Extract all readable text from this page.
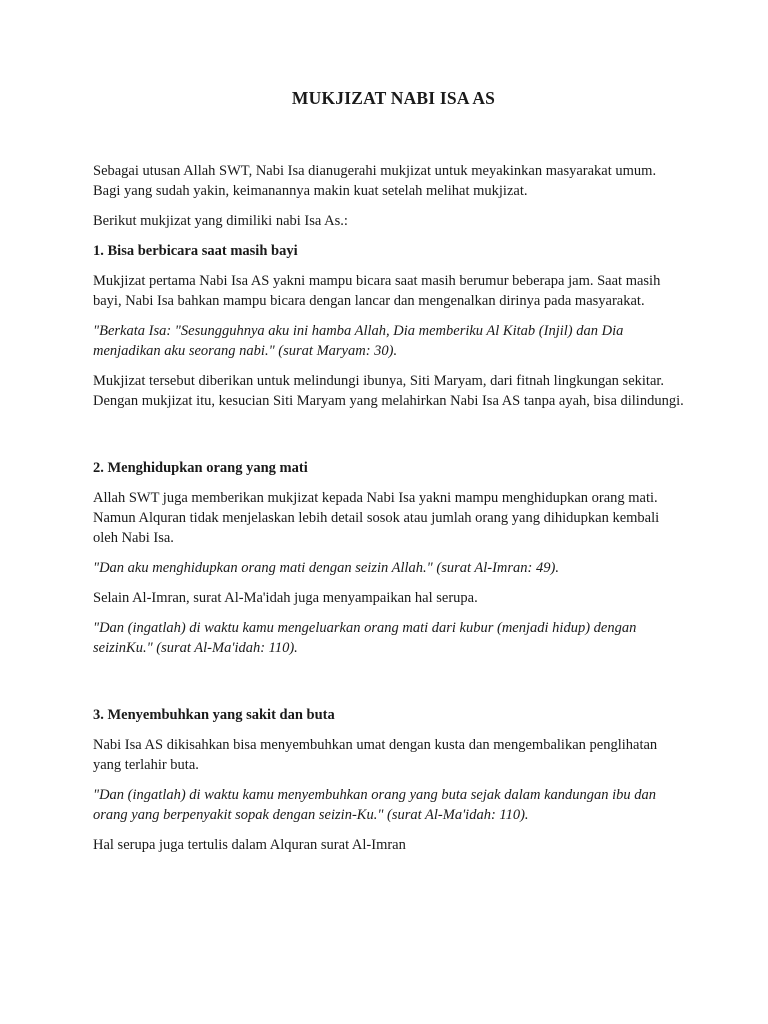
MUKJIZAT NABI ISA AS

Sebagai utusan Allah SWT, Nabi Isa dianugerahi mukjizat untuk meyakinkan masyarakat umum. Bagi yang sudah yakin, keimanannya makin kuat setelah melihat mukjizat.

Berikut mukjizat yang dimiliki nabi Isa As.:

1. Bisa berbicara saat masih bayi

Mukjizat pertama Nabi Isa AS yakni mampu bicara saat masih berumur beberapa jam. Saat masih bayi, Nabi Isa bahkan mampu bicara dengan lancar dan mengenalkan dirinya pada masyarakat.

"Berkata Isa: "Sesungguhnya aku ini hamba Allah, Dia memberiku Al Kitab (Injil) dan Dia menjadikan aku seorang nabi." (surat Maryam: 30).

Mukjizat tersebut diberikan untuk melindungi ibunya, Siti Maryam, dari fitnah lingkungan sekitar. Dengan mukjizat itu, kesucian Siti Maryam yang melahirkan Nabi Isa AS tanpa ayah, bisa dilindungi.

2. Menghidupkan orang yang mati

Allah SWT juga memberikan mukjizat kepada Nabi Isa yakni mampu menghidupkan orang mati. Namun Alquran tidak menjelaskan lebih detail sosok atau jumlah orang yang dihidupkan kembali oleh Nabi Isa.

"Dan aku menghidupkan orang mati dengan seizin Allah." (surat Al-Imran: 49).

Selain Al-Imran, surat Al-Ma'idah juga menyampaikan hal serupa.

"Dan (ingatlah) di waktu kamu mengeluarkan orang mati dari kubur (menjadi hidup) dengan seizinKu." (surat Al-Ma'idah: 110).

3. Menyembuhkan yang sakit dan buta

Nabi Isa AS dikisahkan bisa menyembuhkan umat dengan kusta dan mengembalikan penglihatan yang terlahir buta.

"Dan (ingatlah) di waktu kamu menyembuhkan orang yang buta sejak dalam kandungan ibu dan orang yang berpenyakit sopak dengan seizin-Ku." (surat Al-Ma'idah: 110).

Hal serupa juga tertulis dalam Alquran surat Al-Imran
